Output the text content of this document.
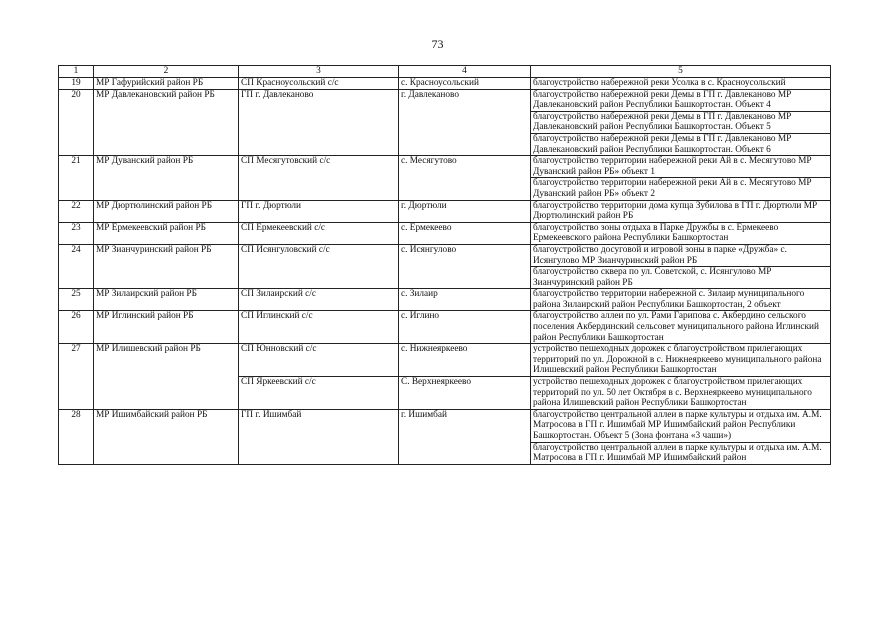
73
1	2	3	4	5
19	МР Гафурийский район РБ	СП Красноусольский с/с	с. Красноусольский	благоустройство набережной реки Усолка в с. Красноусольский
20	МР Давлекановский район РБ	ГП г. Давлеканово	г. Давлеканово	благоустройство набережной реки Демы в ГП г. Давлеканово МР Давлекановский район Республики Башкортостан. Объект 4
				благоустройство набережной реки Демы в ГП г. Давлеканово МР Давлекановский район Республики Башкортостан. Объект 5
				благоустройство набережной реки Демы в ГП г. Давлеканово МР Давлекановский район Республики Башкортостан. Объект 6
21	МР Дуванский район РБ	СП Месягутовский с/с	с. Месягутово	благоустройство территории набережной реки Ай в с. Месягутово МР Дуванский район РБ» объект 1
				благоустройство территории набережной реки Ай в с. Месягутово МР Дуванский район РБ» объект 2
22	МР Дюртюлинский район РБ	ГП г. Дюртюли	г. Дюртюли	благоустройство территории дома купца Зубилова в ГП г. Дюртюли МР Дюртюлинский район РБ
23	МР Ермекеевский район РБ	СП Ермекеевский с/с	с. Ермекеево	благоустройство зоны отдыха в Парке Дружбы в с. Ермекеево Ермекеевского района Республики Башкортостан
24	МР Зианчуринский район РБ	СП Исянгуловский с/с	с. Исянгулово	благоустройство досуговой и игровой зоны в парке «Дружба» с. Исянгулово МР Зианчуринский район РБ
				благоустройство сквера по ул. Советской, с. Исянгулово МР Зианчуринский район РБ
25	МР Зилаирский район РБ	СП Зилаирский с/с	с. Зилаир	благоустройство территории набережной с. Зилаир муниципального района Зилаирский район Республики Башкортостан, 2 объект
26	МР Иглинский район РБ	СП Иглинский с/с	с. Иглино	благоустройство аллеи по ул. Рами Гарипова с. Акбердино сельского поселения Акбердинский сельсовет муниципального района Иглинский район Республики Башкортостан
27	МР Илишевский район РБ	СП Юнновский с/с	с. Нижнеяркеево	устройство пешеходных дорожек с благоустройством прилегающих территорий по ул. Дорожной в с. Нижнеяркеево муниципального района Илишевский район Республики Башкортостан
		СП Яркеевский с/с	С. Верхнеяркеево	устройство пешеходных дорожек с благоустройством прилегающих территорий по ул. 50 лет Октября в с. Верхнеяркеево муниципального района Илишевский район Республики Башкортостан
28	МР Ишимбайский район РБ	ГП г. Ишимбай	г. Ишимбай	благоустройство центральной аллеи в парке культуры и отдыха им. А.М. Матросова в ГП г. Ишимбай МР Ишимбайский район Республики Башкортостан. Объект 5 (Зона фонтана «3 чаши»)
				благоустройство центральной аллеи в парке культуры и отдыха им. А.М. Матросова в ГП г. Ишимбай МР Ишимбайский район
